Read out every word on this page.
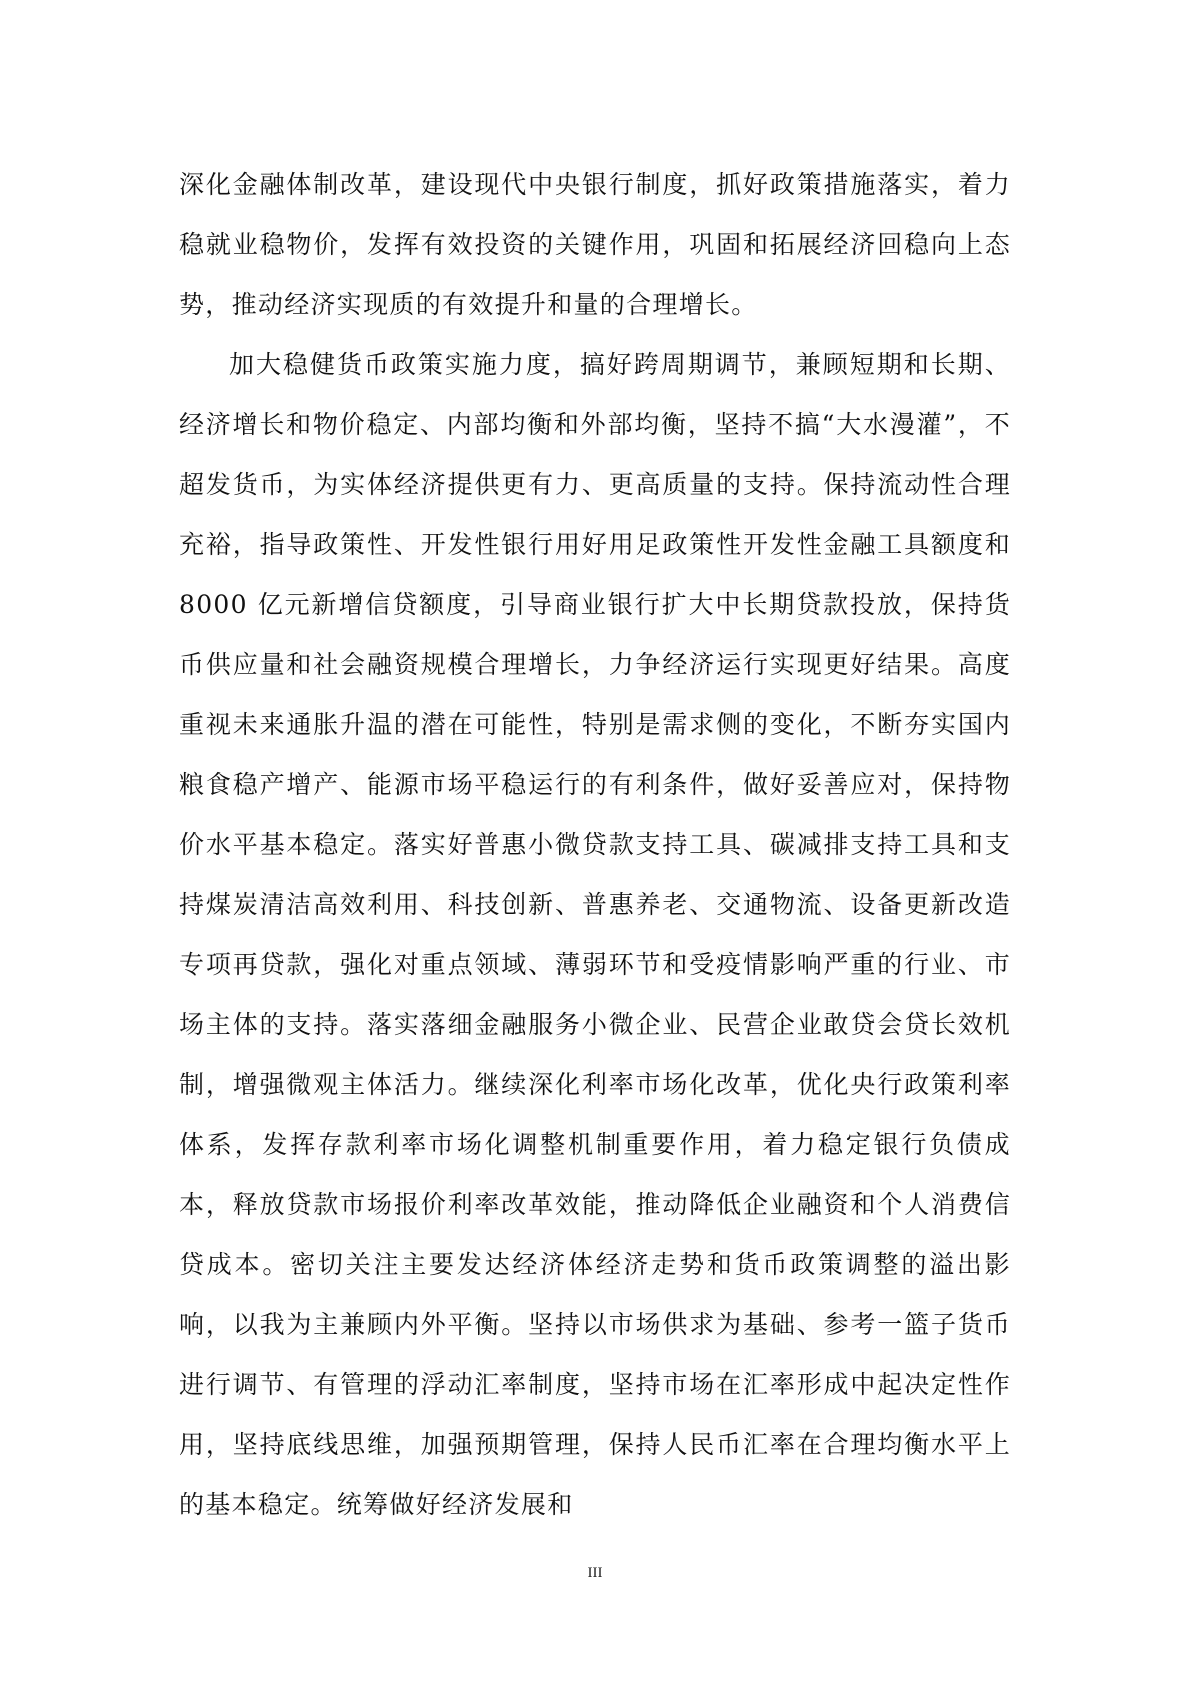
深化金融体制改革，建设现代中央银行制度，抓好政策措施落实，着力稳就业稳物价，发挥有效投资的关键作用，巩固和拓展经济回稳向上态势，推动经济实现质的有效提升和量的合理增长。

加大稳健货币政策实施力度，搞好跨周期调节，兼顾短期和长期、经济增长和物价稳定、内部均衡和外部均衡，坚持不搞“大水漫灌”，不超发货币，为实体经济提供更有力、更高质量的支持。保持流动性合理充裕，指导政策性、开发性银行用好用足政策性开发性金融工具额度和 8000 亿元新增信贷额度，引导商业银行扩大中长期贷款投放，保持货币供应量和社会融资规模合理增长，力争经济运行实现更好结果。高度重视未来通胀升温的潜在可能性，特别是需求侧的变化，不断夯实国内粮食稳产增产、能源市场平稳运行的有利条件，做好妥善应对，保持物价水平基本稳定。落实好普惠小微贷款支持工具、碳减排支持工具和支持煤炭清洁高效利用、科技创新、普惠养老、交通物流、设备更新改造专项再贷款，强化对重点领域、薄弱环节和受疫情影响严重的行业、市场主体的支持。落实落细金融服务小微企业、民营企业敢贷会贷长效机制，增强微观主体活力。继续深化利率市场化改革，优化央行政策利率体系，发挥存款利率市场化调整机制重要作用，着力稳定银行负债成本，释放贷款市场报价利率改革效能，推动降低企业融资和个人消费信贷成本。密切关注主要发达经济体经济走势和货币政策调整的溢出影响，以我为主兼顾内外平衡。坚持以市场供求为基础、参考一篮子货币进行调节、有管理的浮动汇率制度，坚持市场在汇率形成中起决定性作用，坚持底线思维，加强预期管理，保持人民币汇率在合理均衡水平上的基本稳定。统筹做好经济发展和

III
